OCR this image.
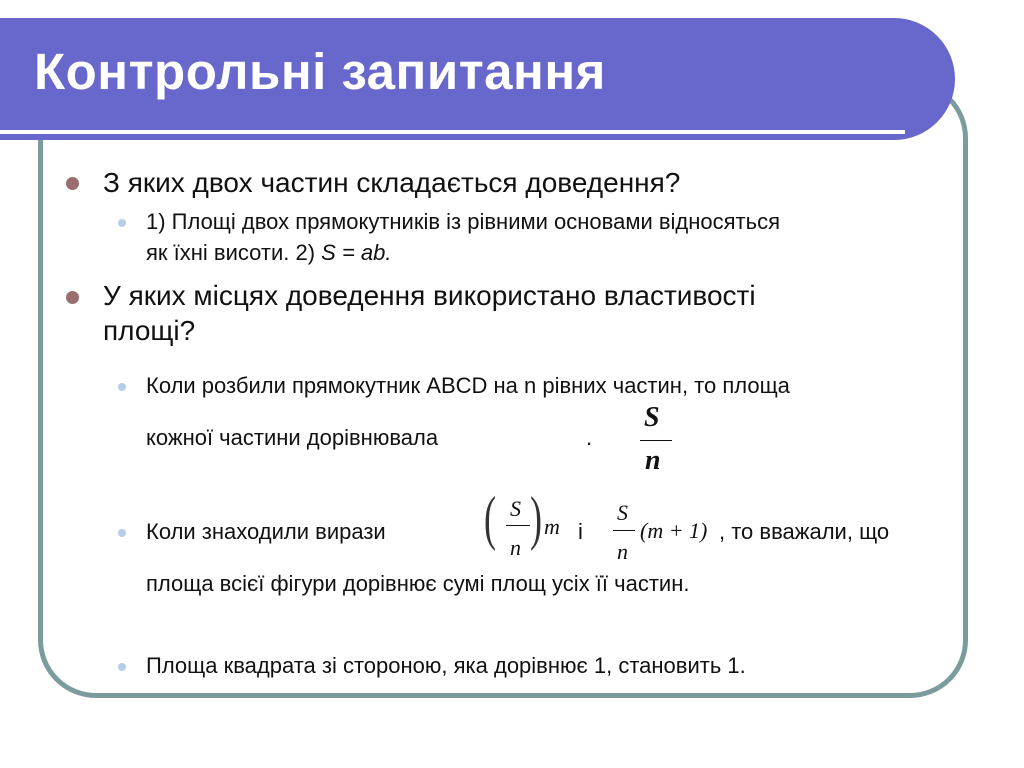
Контрольні запитання
З яких двох частин складається доведення?
1) Площі двох прямокутників із рівними основами відносяться
як їхні висоти. 2) S = ab.
У яких місцях доведення використано властивості
площі?
Коли розбили прямокутник ABCD на n рівних частин, то площа
кожної частини дорівнювала	.
S
n
Коли знаходили вирази ( S
n ) m і
S
n
(m + 1) , то вважали, що
площа всієї фігури дорівнює сумі площ усіх її частин.
Площа квадрата зі стороною, яка дорівнює 1, становить 1.
